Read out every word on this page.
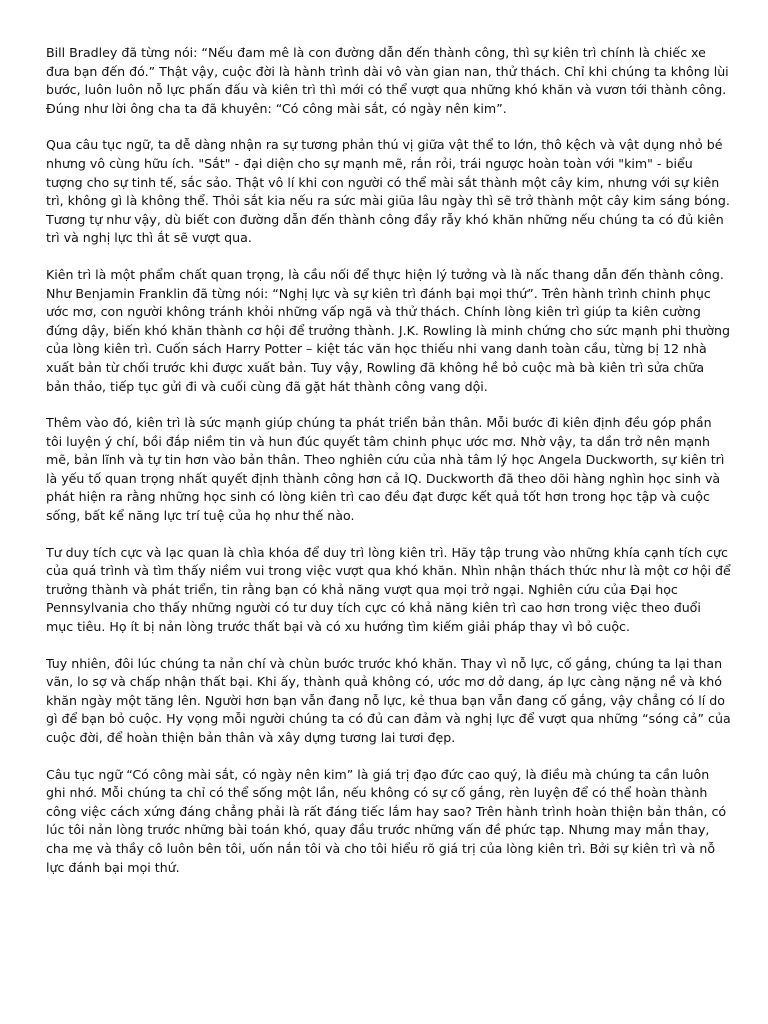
Bill Bradley đã từng nói: “Nếu đam mê là con đường dẫn đến thành công, thì sự kiên trì chính là chiếc xe đưa bạn đến đó.” Thật vậy, cuộc đời là hành trình dài vô vàn gian nan, thử thách. Chỉ khi chúng ta không lùi bước, luôn luôn nỗ lực phấn đấu và kiên trì thì mới có thể vượt qua những khó khăn và vươn tới thành công. Đúng như lời ông cha ta đã khuyên: “Có công mài sắt, có ngày nên kim”.

Qua câu tục ngữ, ta dễ dàng nhận ra sự tương phản thú vị giữa vật thể to lớn, thô kệch và vật dụng nhỏ bé nhưng vô cùng hữu ích. "Sắt" - đại diện cho sự mạnh mẽ, rắn rỏi, trái ngược hoàn toàn với "kim" - biểu tượng cho sự tinh tế, sắc sảo. Thật vô lí khi con người có thể mài sắt thành một cây kim, nhưng với sự kiên trì, không gì là không thể. Thỏi sắt kia nếu ra sức mài giũa lâu ngày thì sẽ trở thành một cây kim sáng bóng. Tương tự như vậy, dù biết con đường dẫn đến thành công đầy rẫy khó khăn những nếu chúng ta có đủ kiên trì và nghị lực thì ắt sẽ vượt qua.

Kiên trì là một phẩm chất quan trọng, là cầu nối để thực hiện lý tưởng và là nấc thang dẫn đến thành công. Như Benjamin Franklin đã từng nói: “Nghị lực và sự kiên trì đánh bại mọi thứ”. Trên hành trình chinh phục ước mơ, con người không tránh khỏi những vấp ngã và thử thách. Chính lòng kiên trì giúp ta kiên cường đứng dậy, biến khó khăn thành cơ hội để trưởng thành. J.K. Rowling là minh chứng cho sức mạnh phi thường của lòng kiên trì. Cuốn sách Harry Potter – kiệt tác văn học thiếu nhi vang danh toàn cầu, từng bị 12 nhà xuất bản từ chối trước khi được xuất bản. Tuy vậy, Rowling đã không hề bỏ cuộc mà bà kiên trì sửa chữa bản thảo, tiếp tục gửi đi và cuối cùng đã gặt hát thành công vang dội.

Thêm vào đó, kiên trì là sức mạnh giúp chúng ta phát triển bản thân. Mỗi bước đi kiên định đều góp phần tôi luyện ý chí, bồi đắp niềm tin và hun đúc quyết tâm chinh phục ước mơ. Nhờ vậy, ta dần trở nên mạnh mẽ, bản lĩnh và tự tin hơn vào bản thân. Theo nghiên cứu của nhà tâm lý học Angela Duckworth, sự kiên trì là yếu tố quan trọng nhất quyết định thành công hơn cả IQ. Duckworth đã theo dõi hàng nghìn học sinh và phát hiện ra rằng những học sinh có lòng kiên trì cao đều đạt được kết quả tốt hơn trong học tập và cuộc sống, bất kể năng lực trí tuệ của họ như thế nào.

Tư duy tích cực và lạc quan là chìa khóa để duy trì lòng kiên trì. Hãy tập trung vào những khía cạnh tích cực của quá trình và tìm thấy niềm vui trong việc vượt qua khó khăn. Nhìn nhận thách thức như là một cơ hội để trưởng thành và phát triển, tin rằng bạn có khả năng vượt qua mọi trở ngại. Nghiên cứu của Đại học Pennsylvania cho thấy những người có tư duy tích cực có khả năng kiên trì cao hơn trong việc theo đuổi mục tiêu. Họ ít bị nản lòng trước thất bại và có xu hướng tìm kiếm giải pháp thay vì bỏ cuộc.

Tuy nhiên, đôi lúc chúng ta nản chí và chùn bước trước khó khăn. Thay vì nỗ lực, cố gắng, chúng ta lại than vãn, lo sợ và chấp nhận thất bại. Khi ấy, thành quả không có, ước mơ dở dang, áp lực càng nặng nề và khó khăn ngày một tăng lên. Người hơn bạn vẫn đang nỗ lực, kẻ thua bạn vẫn đang cố gắng, vậy chẳng có lí do gì để bạn bỏ cuộc. Hy vọng mỗi người chúng ta có đủ can đảm và nghị lực để vượt qua những “sóng cả” của cuộc đời, để hoàn thiện bản thân và xây dựng tương lai tươi đẹp.

Câu tục ngữ “Có công mài sắt, có ngày nên kim” là giá trị đạo đức cao quý, là điều mà chúng ta cần luôn ghi nhớ. Mỗi chúng ta chỉ có thể sống một lần, nếu không có sự cố gắng, rèn luyện để có thể hoàn thành công việc cách xứng đáng chẳng phải là rất đáng tiếc lắm hay sao? Trên hành trình hoàn thiện bản thân, có lúc tôi nản lòng trước những bài toán khó, quay đầu trước những vấn đề phức tạp. Nhưng may mắn thay, cha mẹ và thầy cô luôn bên tôi, uốn nắn tôi và cho tôi hiểu rõ giá trị của lòng kiên trì. Bởi sự kiên trì và nỗ lực đánh bại mọi thứ.
